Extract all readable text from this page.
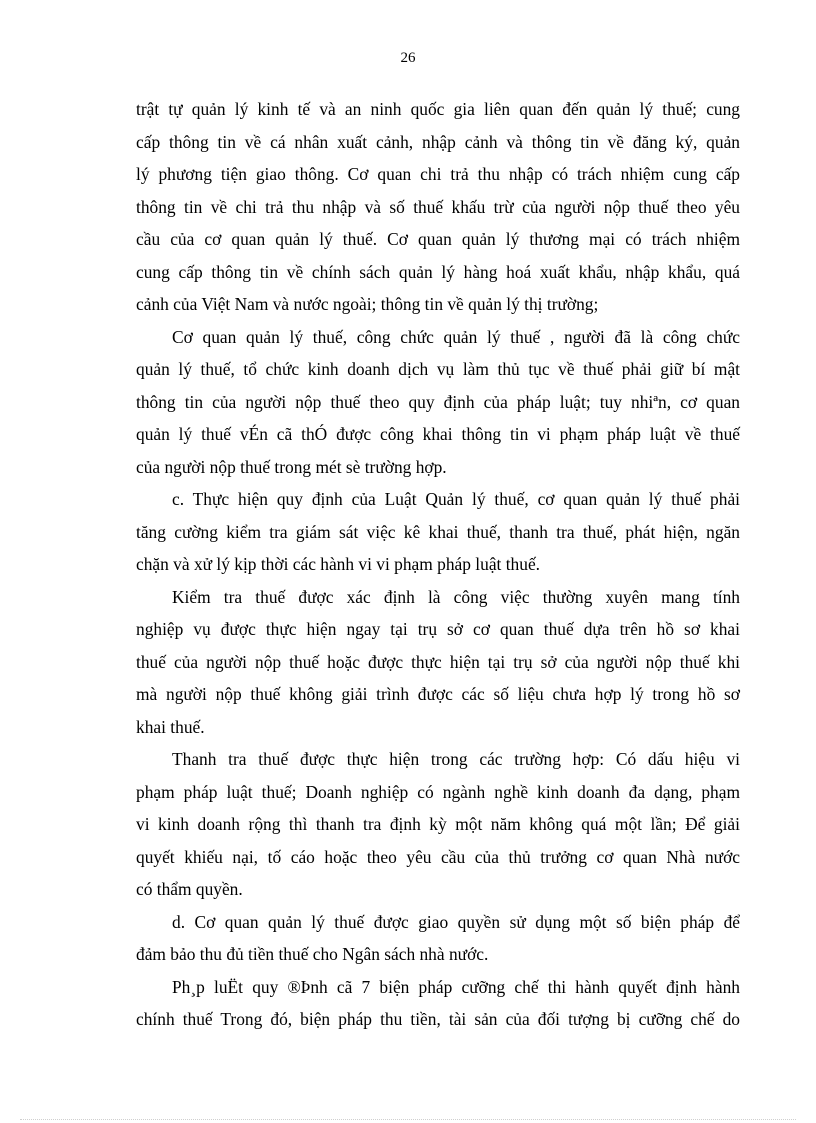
26
trật tự quản lý kinh tế và an ninh quốc gia liên quan đến quản lý thuế; cung
cấp thông tin về cá nhân xuất cảnh, nhập cảnh và thông tin về đăng ký, quản
lý phương tiện giao thông. Cơ quan chi trả thu nhập có trách nhiệm cung cấp
thông tin về chi trả thu nhập và số thuế khấu trừ của người nộp thuế theo yêu
cầu của cơ quan quản lý thuế. Cơ quan quản lý thương mại có trách nhiệm
cung cấp thông tin về chính sách quản lý hàng hoá xuất khẩu, nhập khẩu, quá
cảnh của Việt Nam và nước ngoài; thông tin về quản lý thị trường;
Cơ quan quản lý thuế, công chức quản lý thuế , người đã là công chức
quản lý thuế, tổ chức kinh doanh dịch vụ làm thủ tục về thuế phải giữ bí mật
thông tin của người nộp thuế theo quy định của pháp luật; tuy nhiªn, cơ quan
quản lý thuế vÉn cã thÓ được công khai thông tin vi phạm pháp luật về thuế
của người nộp thuế trong mét sè trường hợp.
c. Thực hiện quy định của Luật Quản lý thuế, cơ quan quản lý thuế phải
tăng cường kiểm tra giám sát việc kê khai thuế, thanh tra thuế, phát hiện, ngăn
chặn và xử lý kịp thời các hành vi vi phạm pháp luật thuế.
Kiểm tra thuế được xác định là công việc thường xuyên mang tính
nghiệp vụ được thực hiện ngay tại trụ sở cơ quan thuế dựa trên hồ sơ khai
thuế của người nộp thuế hoặc được thực hiện tại trụ sở của người nộp thuế khi
mà người nộp thuế không giải trình được các số liệu chưa hợp lý trong hồ sơ
khai thuế.
Thanh tra thuế được thực hiện trong các trường hợp: Có dấu hiệu vi
phạm pháp luật thuế; Doanh nghiệp có ngành nghề kinh doanh đa dạng, phạm
vi kinh doanh rộng thì thanh tra định kỳ một năm không quá một lần; Để giải
quyết khiếu nại, tố cáo hoặc theo yêu cầu của thủ trưởng cơ quan Nhà nước
có thẩm quyền.
d. Cơ quan quản lý thuế được giao quyền sử dụng một số biện pháp để
đảm bảo thu đủ tiền thuế cho Ngân sách nhà nước.
Ph¸p luËt quy ®Þnh cã 7 biện pháp cưỡng chế thi hành quyết định hành
chính thuế Trong đó, biện pháp thu tiền, tài sản của đối tượng bị cưỡng chế do
